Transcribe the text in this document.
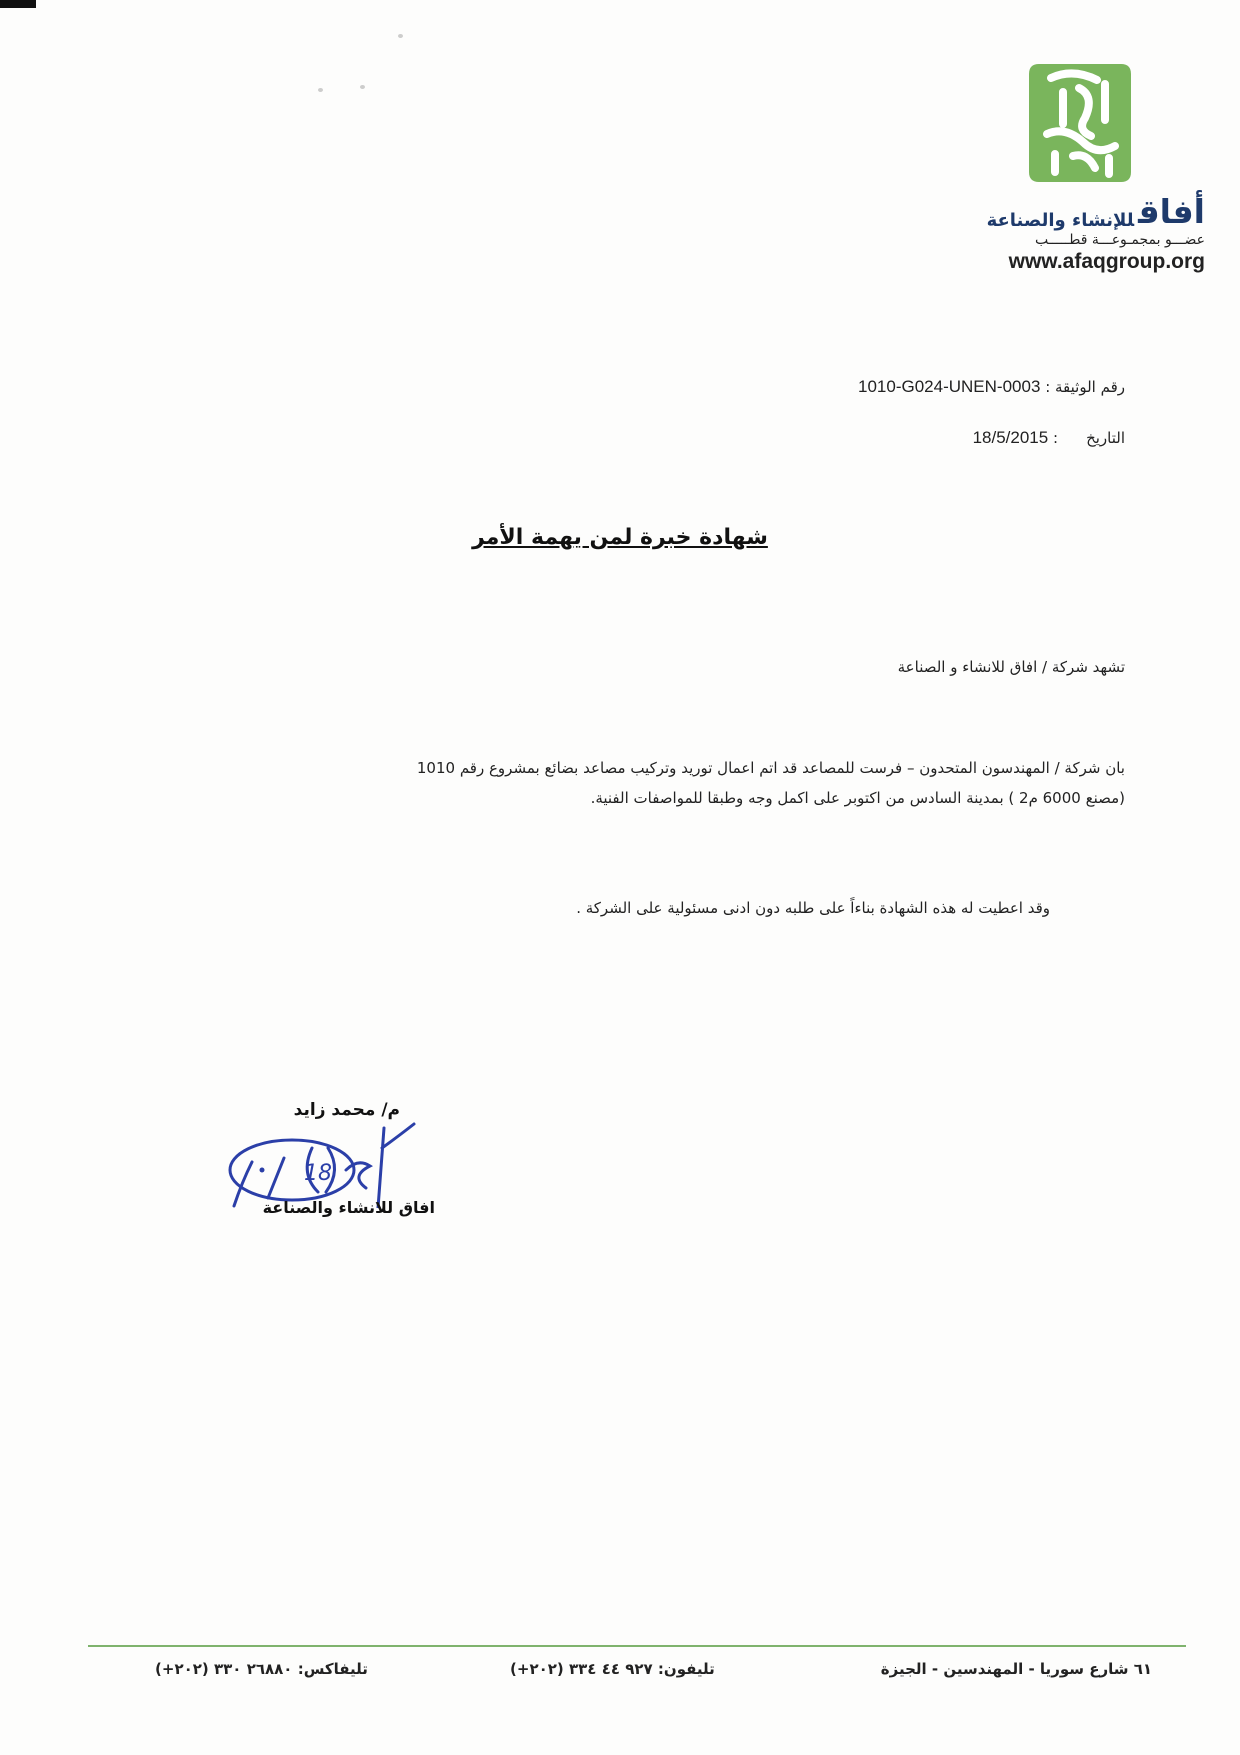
أفاقللإنشاء والصناعة
عضـــو بمجمـوعـــة قطـــــب
www.afaqgroup.org
رقم الوثيقة : 1010-G024-UNEN-0003
التاريخ: 18/5/2015
شهادة خبرة لمن يهمة الأمر
تشهد شركة / افاق للانشاء و الصناعة
بان شركة / المهندسون المتحدون – فرست للمصاعد قد اتم اعمال توريد وتركيب مصاعد بضائع بمشروع رقم 1010
(مصنع 6000 م2 ) بمدينة السادس من اكتوبر على اكمل وجه وطبقا للمواصفات الفنية.
وقد اعطيت له هذه الشهادة بناءاً على طلبه دون ادنى مسئولية على الشركة .
م/ محمد زايد
18
افاق للانشاء والصناعة
٦١ شارع سوريا - المهندسين - الجيزة
تليفون: ٩٢٧ ٤٤ ٣٣٤ (٢٠٢+)
تليفاكس: ٢٦٨٨٠ ٣٣٠ (٢٠٢+)
